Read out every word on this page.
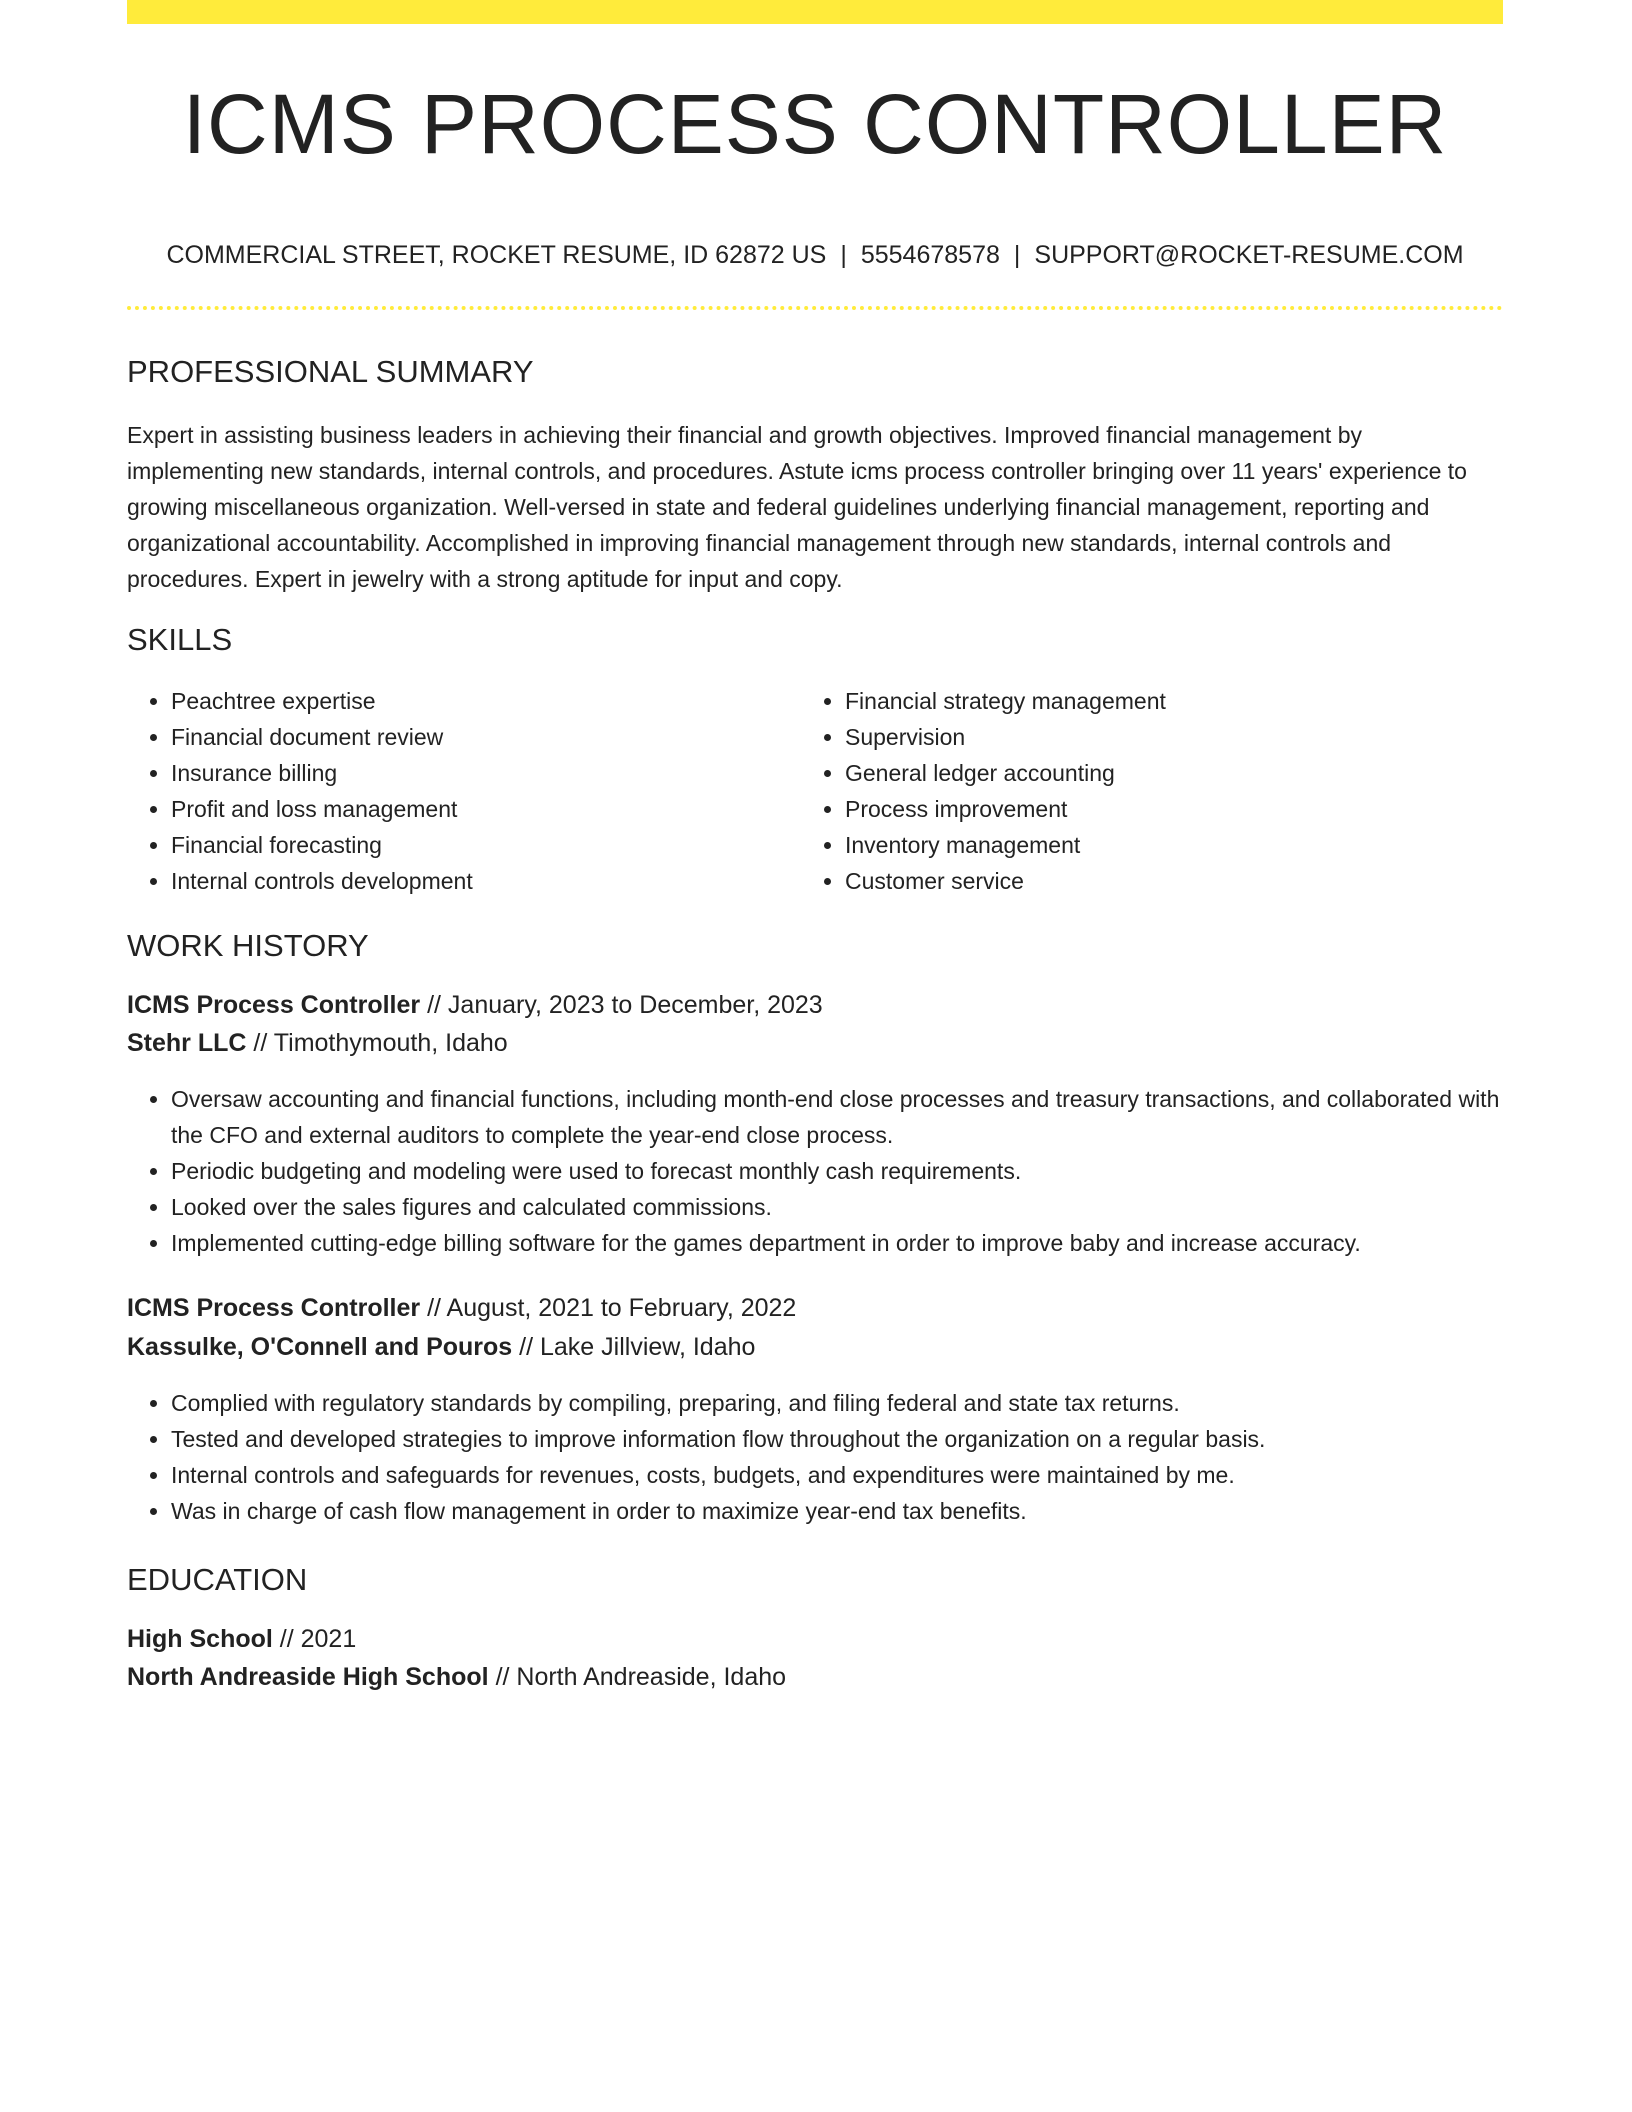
ICMS PROCESS CONTROLLER
COMMERCIAL STREET, ROCKET RESUME, ID 62872 US | 5554678578 | SUPPORT@ROCKET-RESUME.COM
PROFESSIONAL SUMMARY

Expert in assisting business leaders in achieving their financial and growth objectives. Improved financial management by implementing new standards, internal controls, and procedures. Astute icms process controller bringing over 11 years' experience to growing miscellaneous organization. Well-versed in state and federal guidelines underlying financial management, reporting and organizational accountability. Accomplished in improving financial management through new standards, internal controls and procedures. Expert in jewelry with a strong aptitude for input and copy.

SKILLS
• Peachtree expertise
• Financial document review
• Insurance billing
• Profit and loss management
• Financial forecasting
• Internal controls development
• Financial strategy management
• Supervision
• General ledger accounting
• Process improvement
• Inventory management
• Customer service
WORK HISTORY
ICMS Process Controller // January, 2023 to December, 2023
Stehr LLC // Timothymouth, Idaho
• Oversaw accounting and financial functions, including month-end close processes and treasury transactions, and collaborated with the CFO and external auditors to complete the year-end close process.
• Periodic budgeting and modeling were used to forecast monthly cash requirements.
• Looked over the sales figures and calculated commissions.
• Implemented cutting-edge billing software for the games department in order to improve baby and increase accuracy.
ICMS Process Controller // August, 2021 to February, 2022
Kassulke, O'Connell and Pouros // Lake Jillview, Idaho
• Complied with regulatory standards by compiling, preparing, and filing federal and state tax returns.
• Tested and developed strategies to improve information flow throughout the organization on a regular basis.
• Internal controls and safeguards for revenues, costs, budgets, and expenditures were maintained by me.
• Was in charge of cash flow management in order to maximize year-end tax benefits.
EDUCATION
High School // 2021
North Andreaside High School // North Andreaside, Idaho
